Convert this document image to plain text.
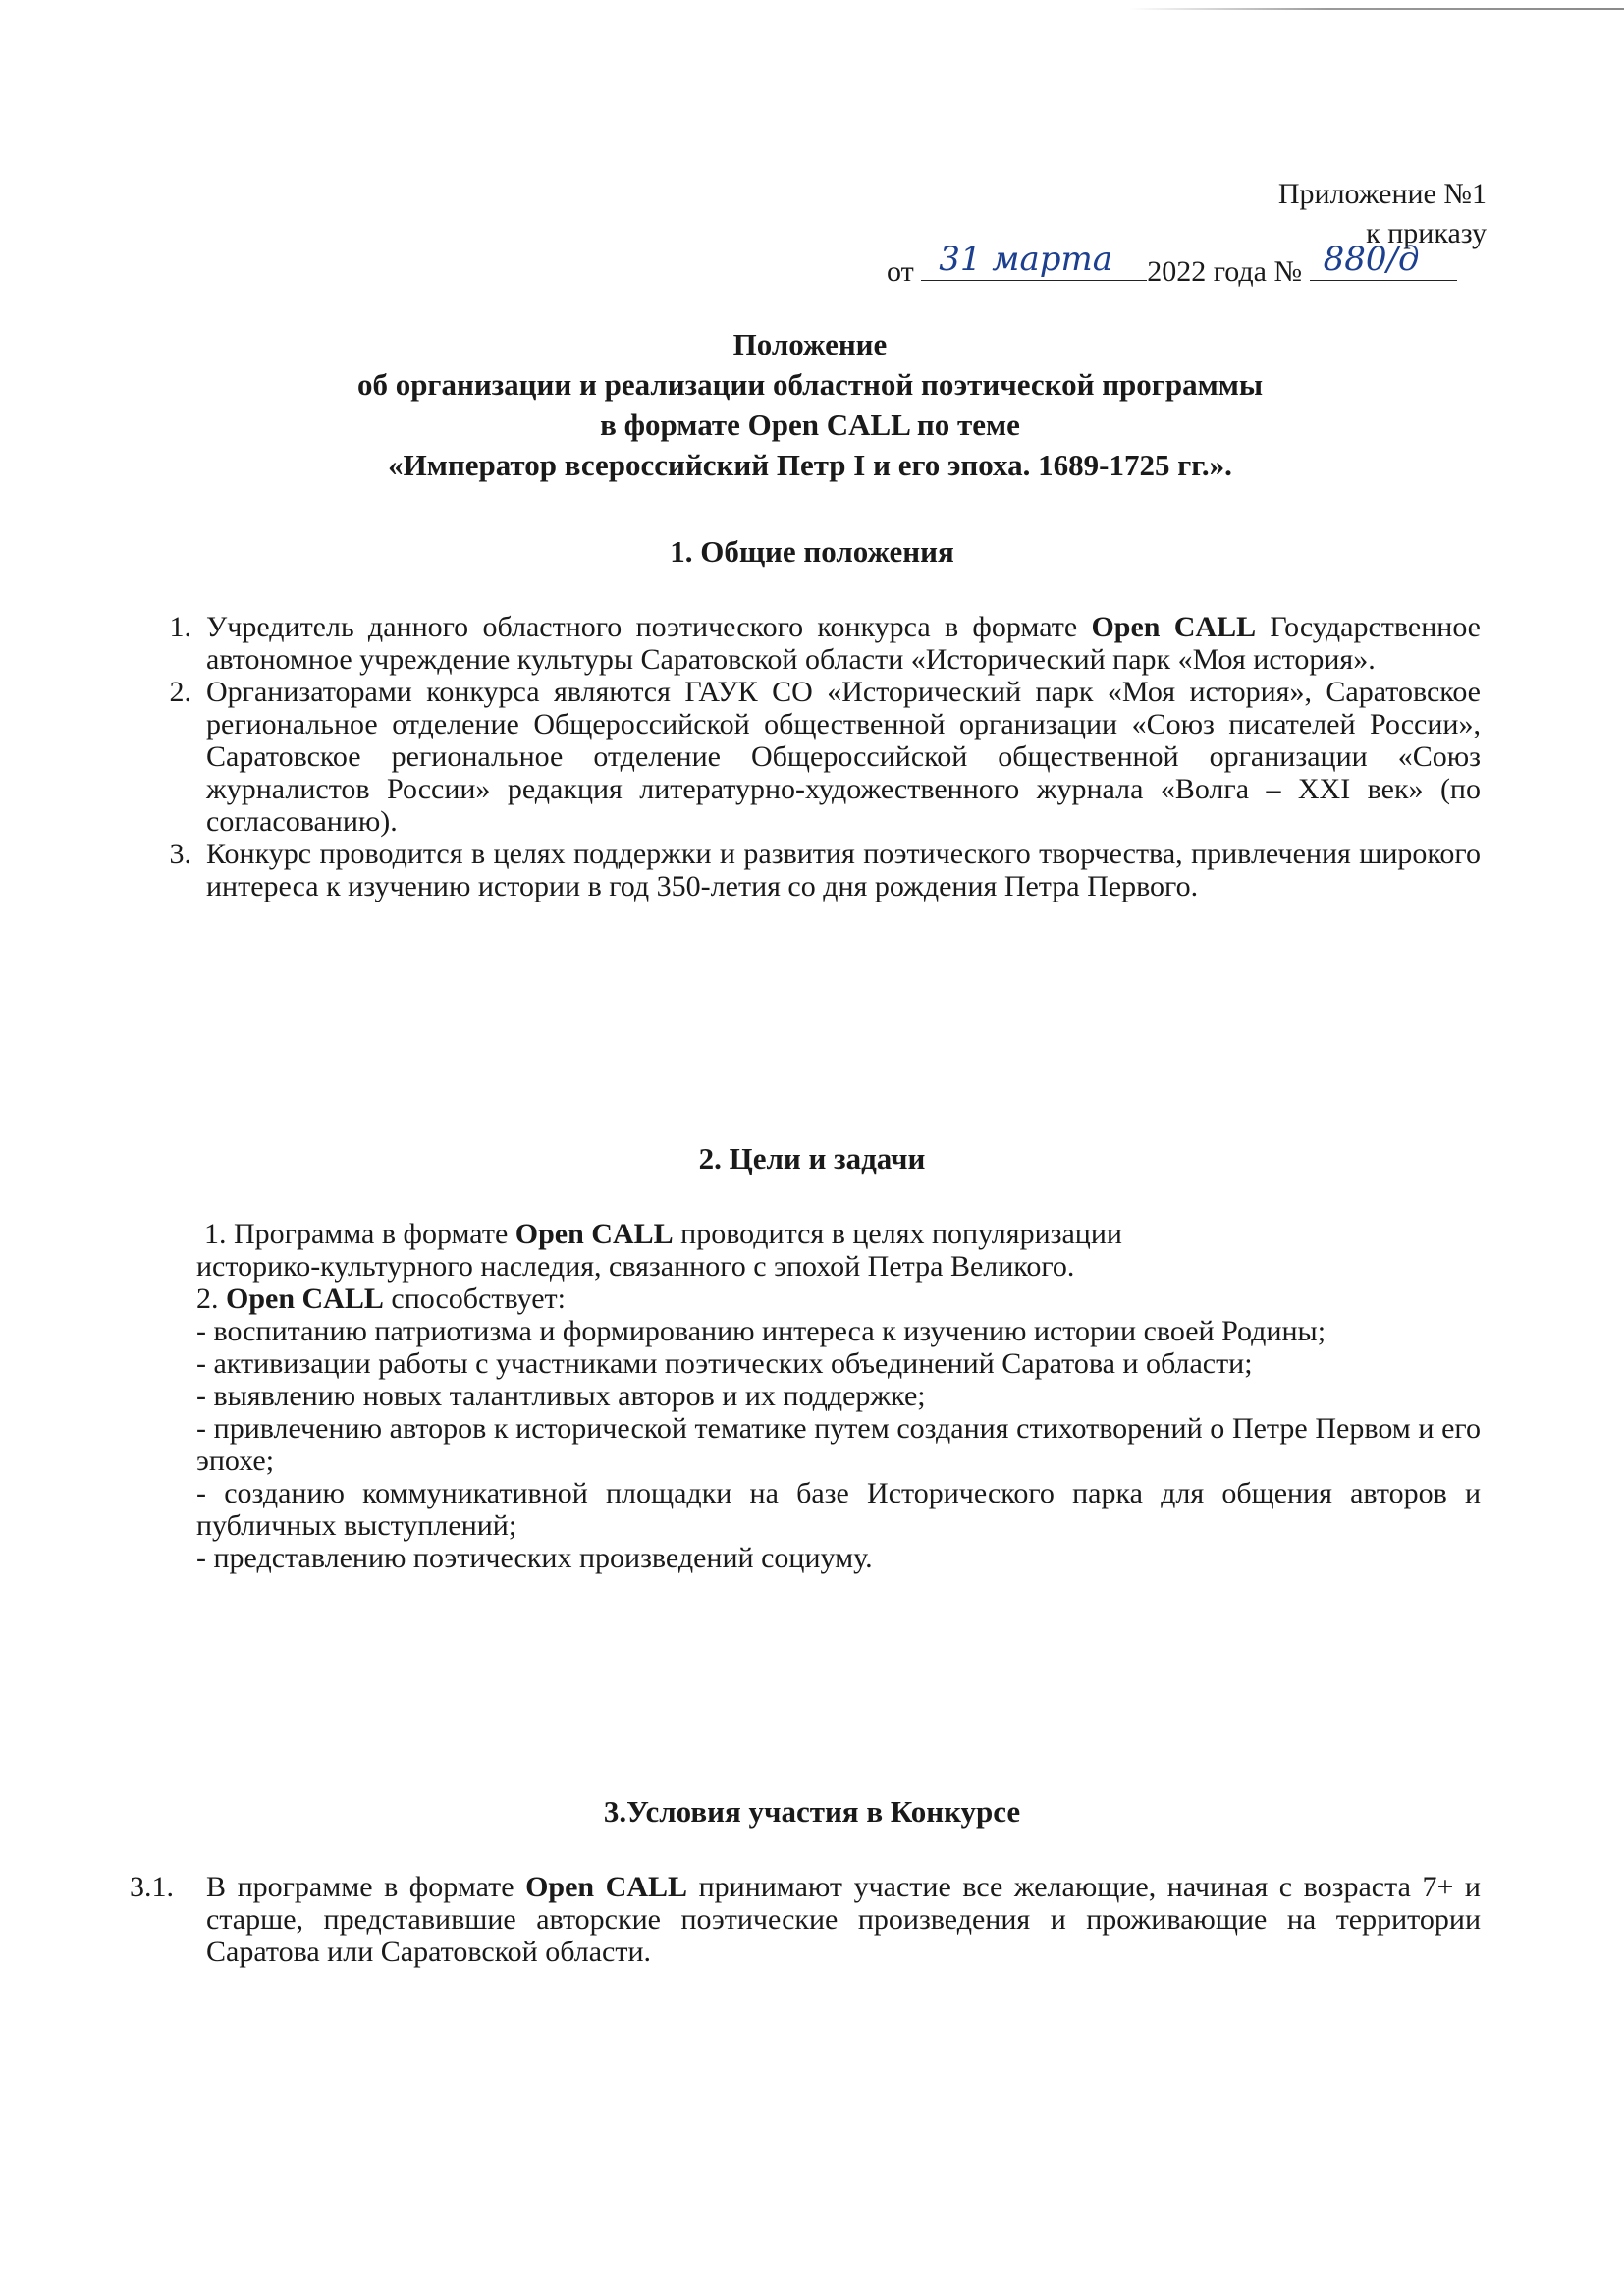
Приложение №1
к приказу
от 31 марта 2022 года № 880/д
Положение
об организации и реализации областной поэтической программы
в формате Open CALL по теме
«Император всероссийский Петр I и его эпоха. 1689-1725 гг.».
1. Общие положения
1. Учредитель данного областного поэтического конкурса в формате Open CALL Государственное автономное учреждение культуры Саратовской области «Исторический парк «Моя история».
2. Организаторами конкурса являются ГАУК СО «Исторический парк «Моя история», Саратовское региональное отделение Общероссийской общественной организации «Союз писателей России», Саратовское региональное отделение Общероссийской общественной организации «Союз журналистов России» редакция литературно-художественного журнала «Волга – XXI век» (по согласованию).
3. Конкурс проводится в целях поддержки и развития поэтического творчества, привлечения широкого интереса к изучению истории в год 350-летия со дня рождения Петра Первого.
2. Цели и задачи

1. Программа в формате Open CALL проводится в целях популяризации

историко-культурного наследия, связанного с эпохой Петра Великого.

2. Open CALL способствует:

- воспитанию патриотизма и формированию интереса к изучению истории своей Родины;

- активизации работы с участниками поэтических объединений Саратова и области;

- выявлению новых талантливых авторов и их поддержке;

- привлечению авторов к исторической тематике путем создания стихотворений о Петре Первом и его эпохе;

- созданию коммуникативной площадки на базе Исторического парка для общения авторов и публичных выступлений;

- представлению поэтических произведений социуму.

3.Условия участия в Конкурсе
3.1. В программе в формате Open CALL принимают участие все желающие, начиная с возраста 7+ и старше, представившие авторские поэтические произведения и проживающие на территории Саратова или Саратовской области.
